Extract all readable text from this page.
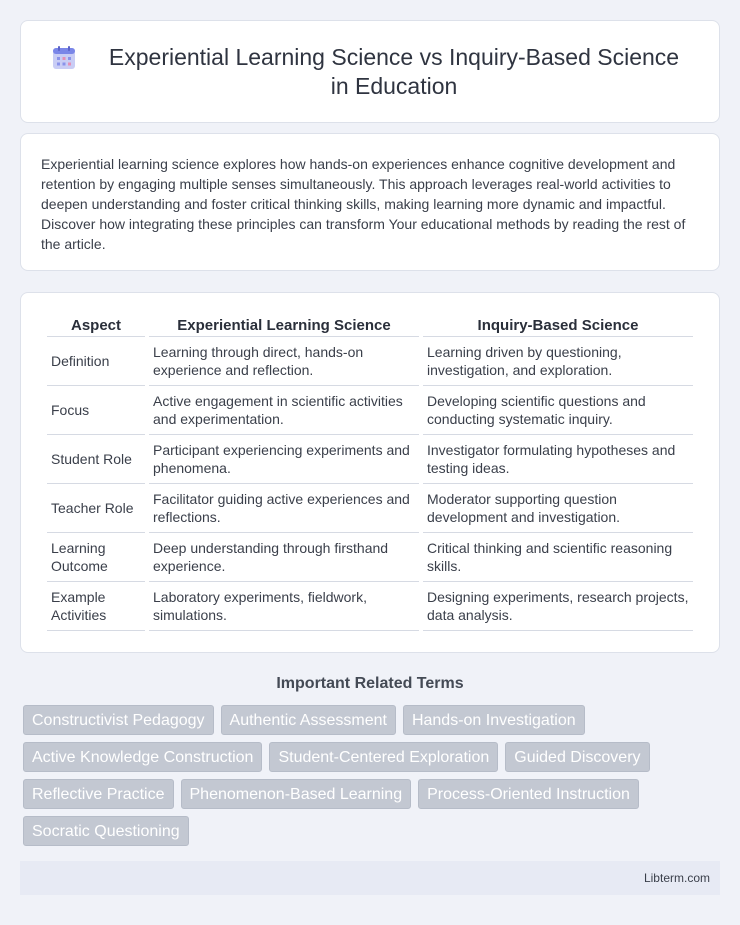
Experiential Learning Science vs Inquiry-Based Science in Education

Experiential learning science explores how hands-on experiences enhance cognitive development and retention by engaging multiple senses simultaneously. This approach leverages real-world activities to deepen understanding and foster critical thinking skills, making learning more dynamic and impactful. Discover how integrating these principles can transform Your educational methods by reading the rest of the article.

Aspect	Experiential Learning Science	Inquiry-Based Science
Definition	Learning through direct, hands-on experience and reflection.	Learning driven by questioning, investigation, and exploration.
Focus	Active engagement in scientific activities and experimentation.	Developing scientific questions and conducting systematic inquiry.
Student Role	Participant experiencing experiments and phenomena.	Investigator formulating hypotheses and testing ideas.
Teacher Role	Facilitator guiding active experiences and reflections.	Moderator supporting question development and investigation.
Learning Outcome	Deep understanding through firsthand experience.	Critical thinking and scientific reasoning skills.
Example Activities	Laboratory experiments, fieldwork, simulations.	Designing experiments, research projects, data analysis.
Important Related Terms
Constructivist Pedagogy	Authentic Assessment	Hands-on Investigation
Active Knowledge Construction	Student-Centered Exploration	Guided Discovery
Reflective Practice	Phenomenon-Based Learning	Process-Oriented Instruction
Socratic Questioning
Libterm.com
